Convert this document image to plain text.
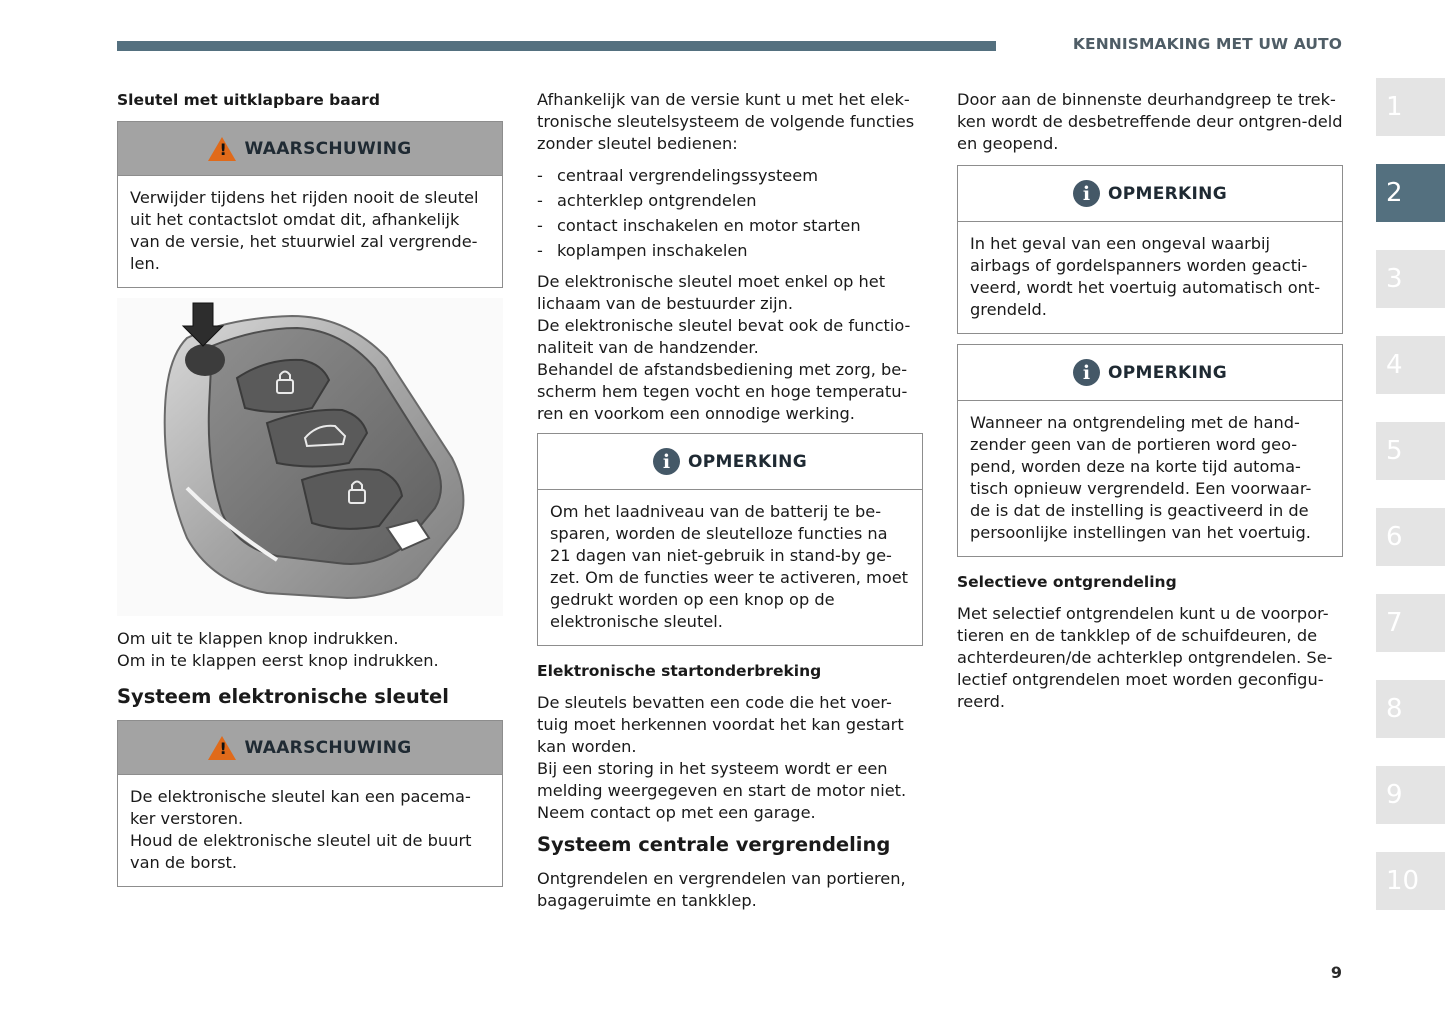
KENNISMAKING MET UW AUTO
Sleutel met uitklapbare baard
! WAARSCHUWING
Verwijder tijdens het rijden nooit de sleutel uit het contactslot omdat dit, afhankelijk van de versie, het stuurwiel zal vergrende-len.
Om uit te klappen knop indrukken.
Om in te klappen eerst knop indrukken.
Systeem elektronische sleutel
! WAARSCHUWING
De elektronische sleutel kan een pacema-ker verstoren.
Houd de elektronische sleutel uit de buurt van de borst.
Afhankelijk van de versie kunt u met het elek-tronische sleutelsysteem de volgende functies zonder sleutel bedienen:
- centraal vergrendelingssysteem
- achterklep ontgrendelen
- contact inschakelen en motor starten
- koplampen inschakelen
De elektronische sleutel moet enkel op het lichaam van de bestuurder zijn.
De elektronische sleutel bevat ook de functio-naliteit van de handzender.
Behandel de afstandsbediening met zorg, be-scherm hem tegen vocht en hoge temperatu-ren en voorkom een onnodige werking.
i	OPMERKING
Om het laadniveau van de batterij te be-sparen, worden de sleutelloze functies na 21 dagen van niet-gebruik in stand-by ge-zet. Om de functies weer te activeren, moet gedrukt worden op een knop op de elektronische sleutel.
Elektronische startonderbreking
De sleutels bevatten een code die het voer-tuig moet herkennen voordat het kan gestart kan worden.
Bij een storing in het systeem wordt er een melding weergegeven en start de motor niet.
Neem contact op met een garage.
Systeem centrale vergrendeling
Ontgrendelen en vergrendelen van portieren, bagageruimte en tankklep.
Door aan de binnenste deurhandgreep te trek-ken wordt de desbetreffende deur ontgren-deld en geopend.
i	OPMERKING
In het geval van een ongeval waarbij airbags of gordelspanners worden geacti-veerd, wordt het voertuig automatisch ont-grendeld.
i	OPMERKING
Wanneer na ontgrendeling met de hand-zender geen van de portieren word geo-pend, worden deze na korte tijd automa-tisch opnieuw vergrendeld. Een voorwaar-de is dat de instelling is geactiveerd in de persoonlijke instellingen van het voertuig.
Selectieve ontgrendeling
Met selectief ontgrendelen kunt u de voorpor-tieren en de tankklep of de schuifdeuren, de achterdeuren/de achterklep ontgrendelen. Se-lectief ontgrendelen moet worden geconfigu-reerd.
1
2
3
4
5
6
7
8
9
10
9
